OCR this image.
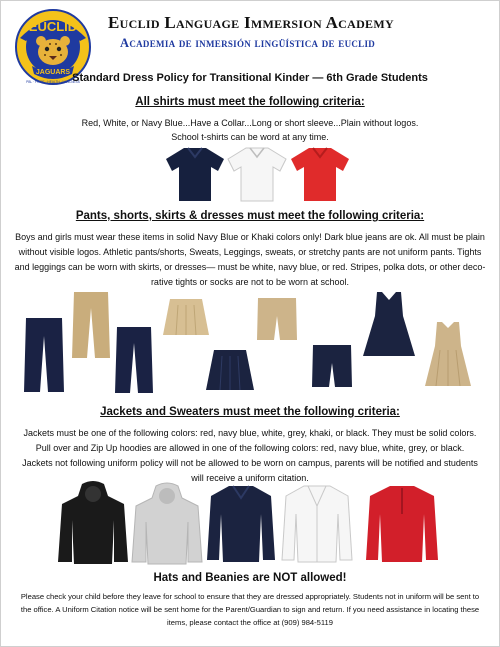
EUCLID
JAGUARS
PBL · PRIDE · HEALTH · WELLNESS
Euclid Language Immersion Academy
Academia de inmersión lingüística de euclid
Standard Dress Policy for Transitional Kinder — 6th Grade Students
All shirts must meet the following criteria:
Red, White, or Navy Blue...Have a Collar...Long or short sleeve...Plain without logos.
School t-shirts can be word at any time.
Pants, shorts, skirts & dresses must meet the following criteria:
Boys and girls must wear these items in solid Navy Blue or Khaki colors only! Dark blue jeans are ok. All must be plain
without visible logos. Athletic pants/shorts, Sweats, Leggings, sweats, or stretchy pants are not uniform pants. Tights
and leggings can be worn with skirts, or dresses— must be white, navy blue, or red. Stripes, polka dots, or other deco-
rative tights or socks are not to be worn at school.
Jackets and Sweaters must meet the following criteria:
Jackets must be one of the following colors: red, navy blue, white, grey, khaki, or black. They must be solid colors.
Pull over and Zip Up hoodies are allowed in one of the following colors: red, navy blue, white, grey, or black.
Jackets not following uniform policy will not be allowed to be worn on campus, parents will be notified and students
will receive a uniform citation.
Hats and Beanies are NOT allowed!
Please check your child before they leave for school to ensure that they are dressed appropriately. Students not in uniform will be sent to
the office. A Uniform Citation notice will be sent home for the Parent/Guardian to sign and return. If you need assistance in locating these
items, please contact the office at (909) 984-5119
